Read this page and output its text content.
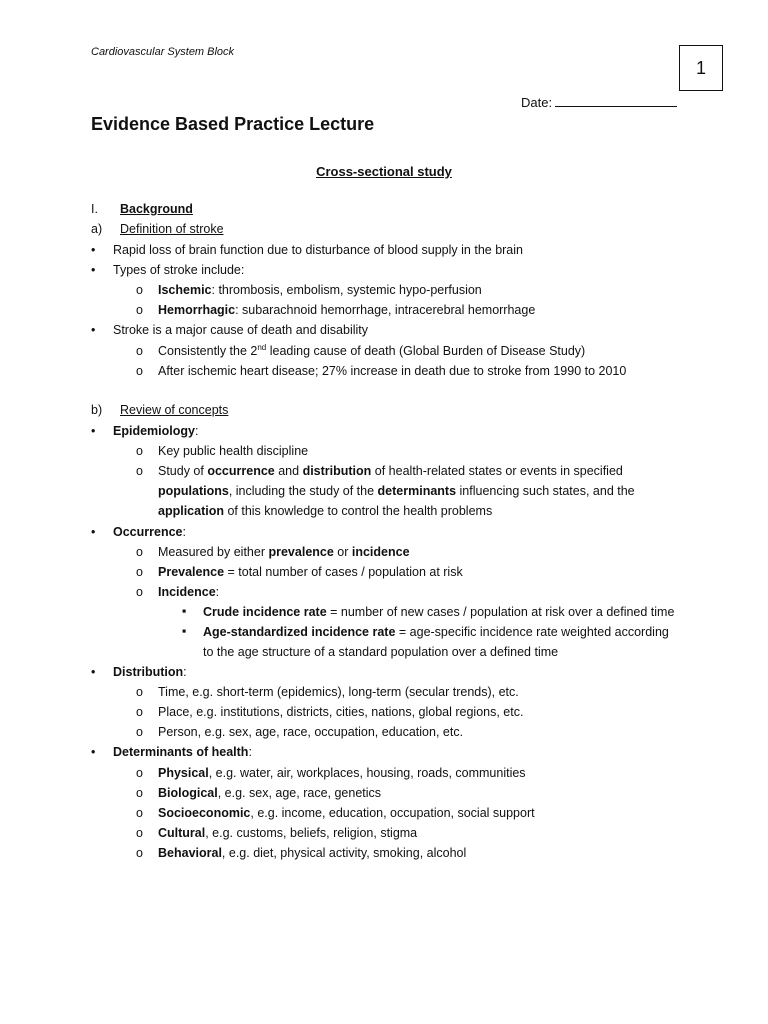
Cardiovascular System Block
1
Date:
Evidence Based Practice Lecture
Cross-sectional study
I. Background
a) Definition of stroke
• Rapid loss of brain function due to disturbance of blood supply in the brain
• Types of stroke include:
o Ischemic: thrombosis, embolism, systemic hypo-perfusion
o Hemorrhagic: subarachnoid hemorrhage, intracerebral hemorrhage
• Stroke is a major cause of death and disability
o Consistently the 2nd leading cause of death (Global Burden of Disease Study)
o After ischemic heart disease; 27% increase in death due to stroke from 1990 to 2010
b) Review of concepts
• Epidemiology:
o Key public health discipline
o Study of occurrence and distribution of health-related states or events in specified
populations, including the study of the determinants influencing such states, and the
application of this knowledge to control the health problems
• Occurrence:
o Measured by either prevalence or incidence
o Prevalence = total number of cases / population at risk
o Incidence:
▪ Crude incidence rate = number of new cases / population at risk over a defined time
▪ Age-standardized incidence rate = age-specific incidence rate weighted according
to the age structure of a standard population over a defined time
• Distribution:
o Time, e.g. short-term (epidemics), long-term (secular trends), etc.
o Place, e.g. institutions, districts, cities, nations, global regions, etc.
o Person, e.g. sex, age, race, occupation, education, etc.
• Determinants of health:
o Physical, e.g. water, air, workplaces, housing, roads, communities
o Biological, e.g. sex, age, race, genetics
o Socioeconomic, e.g. income, education, occupation, social support
o Cultural, e.g. customs, beliefs, religion, stigma
o Behavioral, e.g. diet, physical activity, smoking, alcohol
